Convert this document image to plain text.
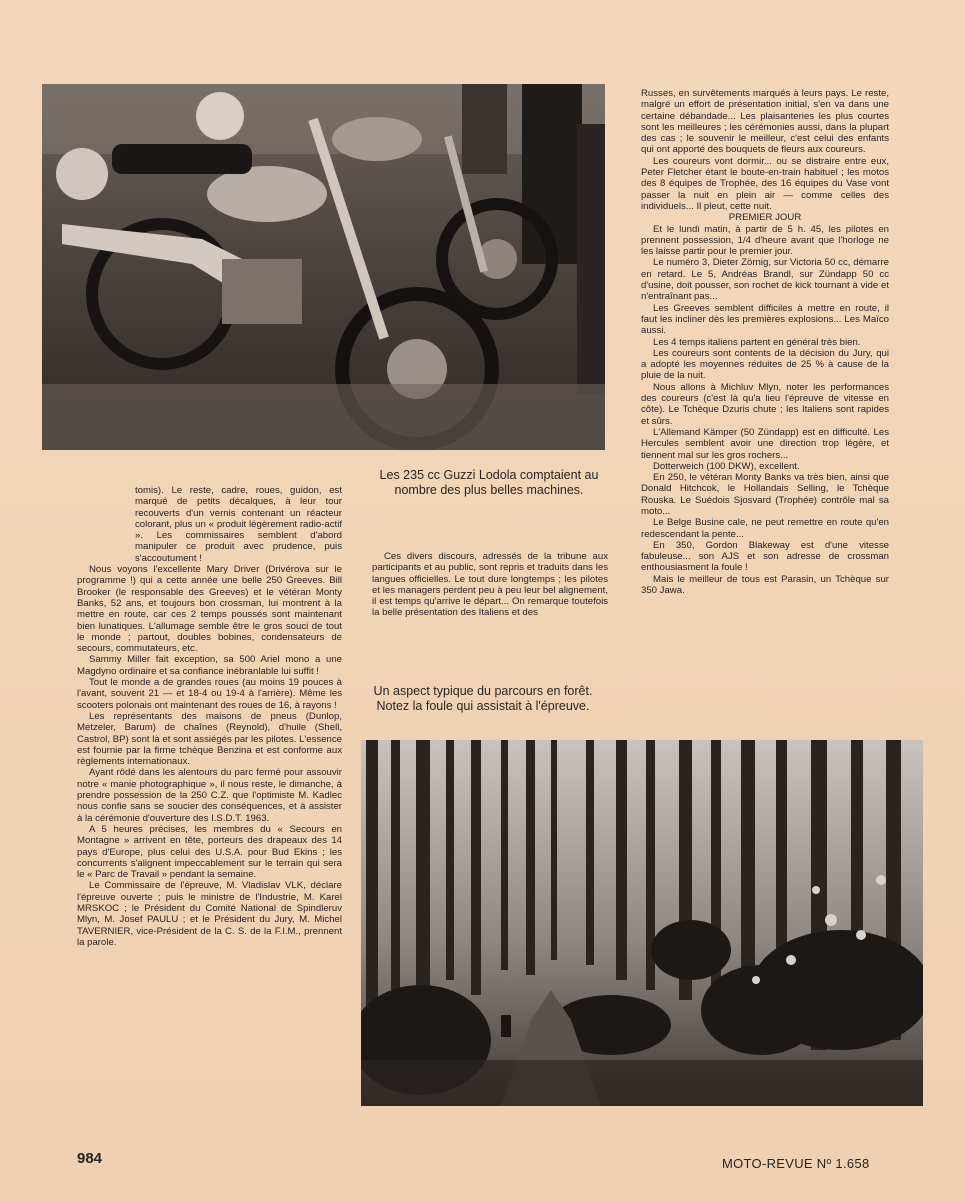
Les 235 cc Guzzi Lodola comptaient au nombre des plus belles machines.

tomis). Le reste, cadre, roues, guidon, est marqué de petits décalques, à leur tour recouverts d'un vernis contenant un réacteur colorant, plus un « produit légèrement radio-actif ». Les commissaires semblent d'abord manipuler ce produit avec prudence, puis s'accoutument !

Nous voyons l'excellente Mary Driver (Drivérova sur le programme !) qui a cette année une belle 250 Greeves. Bill Brooker (le responsable des Greeves) et le vétéran Monty Banks, 52 ans, et toujours bon crossman, lui montrent à la mettre en route, car ces 2 temps poussés sont maintenant bien lunatiques. L'allumage semble être le gros souci de tout le monde ; partout, doubles bobines, condensateurs de secours, commutateurs, etc.

Sammy Miller fait exception, sa 500 Ariel mono a une Magdyno ordinaire et sa confiance inébranlable lui suffit !

Tout le monde a de grandes roues (au moins 19 pouces à l'avant, souvent 21 — et 18-4 ou 19-4 à l'arrière). Même les scooters polonais ont maintenant des roues de 16, à rayons !

Les représentants des maisons de pneus (Dunlop, Metzeler, Barum) de chaînes (Reynold), d'huile (Shell, Castrol, BP) sont là et sont assiégés par les pilotes. L'essence est fournie par la firme tchèque Benzina et est conforme aux règlements internationaux.

Ayant rôdé dans les alentours du parc fermé pour assouvir notre « manie photographique », il nous reste, le dimanche, à prendre possession de la 250 C.Z. que l'optimiste M. Kadlec nous confie sans se soucier des conséquences, et à assister à la cérémonie d'ouverture des I.S.D.T. 1963.

A 5 heures précises, les membres du « Secours en Montagne » arrivent en tête, porteurs des drapeaux des 14 pays d'Europe, plus celui des U.S.A. pour Bud Ekins ; les concurrents s'alignent impeccablement sur le terrain qui sera le « Parc de Travail » pendant la semaine.

Le Commissaire de l'épreuve, M. Vladislav VLK, déclare l'épreuve ouverte ; puis le ministre de l'Industrie, M. Karel MRSKOC ; le Président du Comité National de Spindleruv Mlyn, M. Josef PAULU ; et le Président du Jury, M. Michel TAVERNIER, vice-Président de la C. S. de la F.I.M., prennent la parole.

Ces divers discours, adressés de la tribune aux participants et au public, sont repris et traduits dans les langues officielles. Le tout dure longtemps ; les pilotes et les managers perdent peu à peu leur bel alignement, il est temps qu'arrive le départ... On remarque toutefois la belle présentation des Italiens et des

Un aspect typique du parcours en forêt. Notez la foule qui assistait à l'épreuve.

Russes, en survêtements marqués à leurs pays. Le reste, malgré un effort de présentation initial, s'en va dans une certaine débandade... Les plaisanteries les plus courtes sont les meilleures ; les cérémonies aussi, dans la plupart des cas ; le souvenir le meilleur, c'est celui des enfants qui ont apporté des bouquets de fleurs aux coureurs.

Les coureurs vont dormir... ou se distraire entre eux, Peter Fletcher étant le boute-en-train habituel ; les motos des 8 équipes de Trophée, des 16 équipes du Vase vont passer la nuit en plein air — comme celles des individuels... Il pleut, cette nuit.

PREMIER JOUR

Et le lundi matin, à partir de 5 h. 45, les pilotes en prennent possession, 1/4 d'heure avant que l'horloge ne les laisse partir pour le premier jour.

Le numéro 3, Dieter Zörnig, sur Victoria 50 cc, démarre en retard. Le 5, Andréas Brandl, sur Zündapp 50 cc d'usine, doit pousser, son rochet de kick tournant à vide et n'entraînant pas...

Les Greeves semblent difficiles à mettre en route, il faut les incliner dès les premières explosions... Les Maïco aussi.

Les 4 temps italiens partent en général très bien.

Les coureurs sont contents de la décision du Jury, qui a adopté les moyennes réduites de 25 % à cause de la pluie de la nuit.

Nous allons à Michluv Mlyn, noter les performances des coureurs (c'est là qu'a lieu l'épreuve de vitesse en côte). Le Tchèque Dzuris chute ; les Italiens sont rapides et sûrs.

L'Allemand Kämper (50 Zündapp) est en difficulté. Les Hercules semblent avoir une direction trop légère, et tiennent mal sur les gros rochers...

Dotterweich (100 DKW), excellent.

En 250, le vétéran Monty Banks va très bien, ainsi que Donald Hitchcok, le Hollandais Selling, le Tchèque Rouska. Le Suédois Sjosvard (Trophée) contrôle mal sa moto...

Le Belge Busine cale, ne peut remettre en route qu'en redescendant la pente...

En 350, Gordon Blakeway est d'une vitesse fabuleuse... son AJS et son adresse de crossman enthousiasment la foule !

Mais le meilleur de tous est Parasin, un Tchèque sur 350 Jawa.

984	MOTO-REVUE Nº 1.658
